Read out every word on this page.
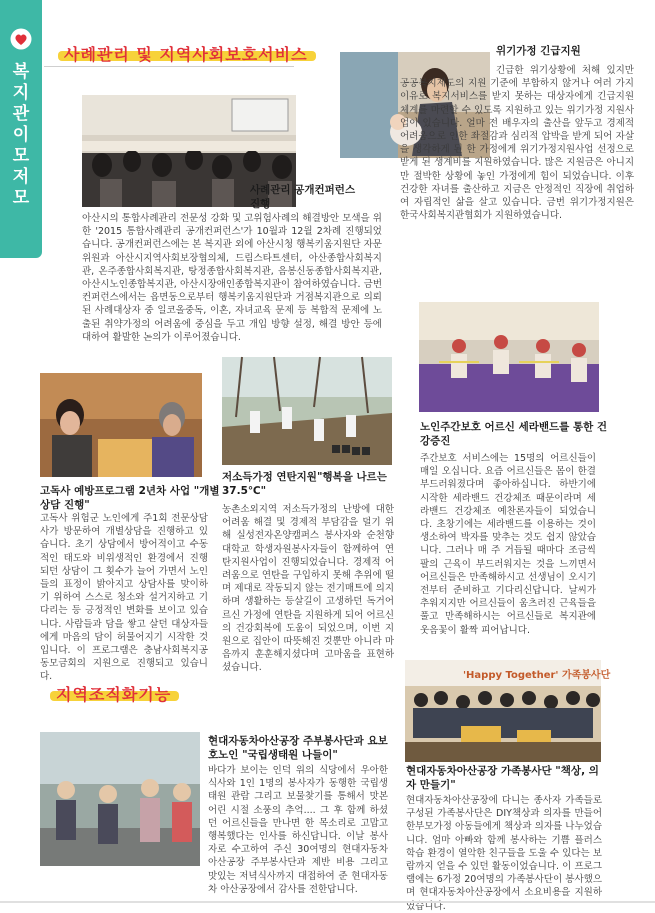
복지관 이모저모
사례관리 및 지역사회보호서비스
사례관리 공개컨퍼런스 진행
아산시의 통합사례관리 전문성 강화 및 고위험사례의 해결방안 모색을 위한 '2015 통합사례관리 공개컨퍼런스'가 10월과 12월 2차례 진행되었습니다. 공개컨퍼런스에는 본 복지관 외에 아산시청 행복키움지원단 자문위원과 아산시지역사회보장협의체, 드림스타트센터, 아산종합사회복지관, 온주종합사회복지관, 탕정종합사회복지관, 음봉신동종합사회복지관, 아산시노인종합복지관, 아산시장애인종합복지관이 참여하였습니다. 금번 컨퍼런스에서는 읍면동으로부터 행복키움지원단과 거점복지관으로 의뢰된 사례대상자 중 일코올중독, 이혼, 자녀교육 문제 등 복합적 문제에 노출된 취약가정의 어려움에 중심을 두고 개입 방향 설정, 해결 방안 등에 대하여 활발한 논의가 이루어졌습니다.
위기가정 긴급지원
긴급한 위기상황에 처해 있지만 공공복지제도의 지원 기준에 부합하지 않거나 여러 가지 이유로 복지서비스를 받지 못하는 대상자에게 긴급지원 체계를 마련할 수 있도록 지원하고 있는 위기가정 지원사업이 있습니다. 얼마 전 배우자의 출산을 앞두고 경제적 어려움으로 인한 좌절감과 심리적 압박을 받게 되어 자살을 생각하게 된 한 가정에게 위기가정지원사업 선정으로 받게 된 생계비를 지원하였습니다. 많은 지원금은 아니지만 절박한 상황에 놓인 가정에게 힘이 되었습니다. 이후 건강한 자녀를 출산하고 지금은 안정적인 직장에 취업하여 자립적인 삶을 살고 있습니다. 금번 위기가정지원은 한국사회복지관협회가 지원하였습니다.
고독사 예방프로그램 2년차 사업 "개별상담 진행"
고독사 위험군 노인에게 주1회 전문상담사가 방문하여 개별상담을 진행하고 있습니다. 초기 상담에서 방어적이고 수동적인 태도와 비위생적인 환경에서 진행되던 상담이 그 횟수가 늘어 가면서 노인들의 표정이 밝아지고 상담사를 맞이하기 위하여 스스로 청소와 설거지하고 기다리는 등 긍정적인 변화를 보이고 있습니다. 사람들과 담을 쌓고 살던 대상자들에게 마음의 담이 허물어지기 시작한 것입니다. 이 프로그램은 충남사회복지공동모금회의 지원으로 진행되고 있습니다.
저소득가정 연탄지원"행복을 나르는 37.5℃"
농촌소외지역 저소득가정의 난방에 대한 어려움 해결 및 경제적 부담감을 덜기 위해 실성전자온양캠퍼스 봉사자와 순천향대학교 학생자원봉사자들이 함께하여 연탄지원사업이 진행되었습니다. 경제적 어려움으로 연탄을 구입하지 못해 추위에 떨며 제대로 작동되지 않는 전기매트에 의지하며 생활하는 등살길이 고생하던 독거어르신 가정에 연탄을 지원하게 되어 어르신의 건강회복에 도움이 되었으며, 이번 지원으로 집안이 따뜻해진 것뿐만 아니라 마음까지 훈훈해지셨다며 고마움을 표현하셨습니다.
노인주간보호 어르신 세라밴드를 통한 건강증진
주간보호 서비스에는 15명의 어르신들이 매일 오십니다. 요즘 어르신들은 몸이 한결 부드러워졌다며 좋아하십니다. 하반기에 시작한 세라밴드 건강체조 때문이라며 세라밴드 건강체조 예찬론자들이 되었습니다. 초창기에는 세라밴드를 이용하는 것이 생소하여 박자를 맞추는 것도 쉽지 않았습니다. 그러나 매 주 거듭될 때마다 조금씩 팔의 근육이 부드러워지는 것을 느끼면서 어르신들은 만족해하시고 선생님이 오시기 전부터 준비하고 기다리신답니다. 날씨가 추워지지만 어르신들이 움츠러진 근육들을 풀고 만족해하시는 어르신들로 복지관에 웃음꽃이 활짝 피어납니다.
지역조직화기능
현대자동차아산공장 주부봉사단과 요보호노인 "국립생태원 나들이"
바다가 보이는 인덕 위의 식당에서 우아한 식사와 1인 1명의 봉사자가 동행한 국립생태원 관람 그리고 보물찾기를 통해서 맛본 어린 시절 소풍의 추억.... 그 후 함께 하셨던 어르신들을 만나면 한 목소리로 고맙고 행복했다는 인사를 하신답니다. 이날 봉사자로 수고하여 주신 30여명의 현대자동차아산공장 주부봉사단과 제반 비용 그리고 맛있는 저녁식사까지 대접하여 준 현대자동차 아산공장에서 감사를 전한답니다.
'Happy Together' 가족봉사단
현대자동차아산공장 가족봉사단 "책상, 의자 만들기"
현대자동차아산공장에 다니는 종사자 가족들로 구성된 가족봉사단은 DIY책상과 의자를 만들어 한부모가정 아동들에게 책상과 의자를 나누었습니다. 엄마 아빠와 함께 봉사하는 기쁨 플러스 학습 환경이 열악한 친구들을 도울 수 있다는 보람까지 얻을 수 있던 활동이었습니다. 이 프로그램에는 6가정 20여명의 가족봉사단이 봉사했으며 현대자동차아산공장에서 소요비용을 지원하였습니다.
